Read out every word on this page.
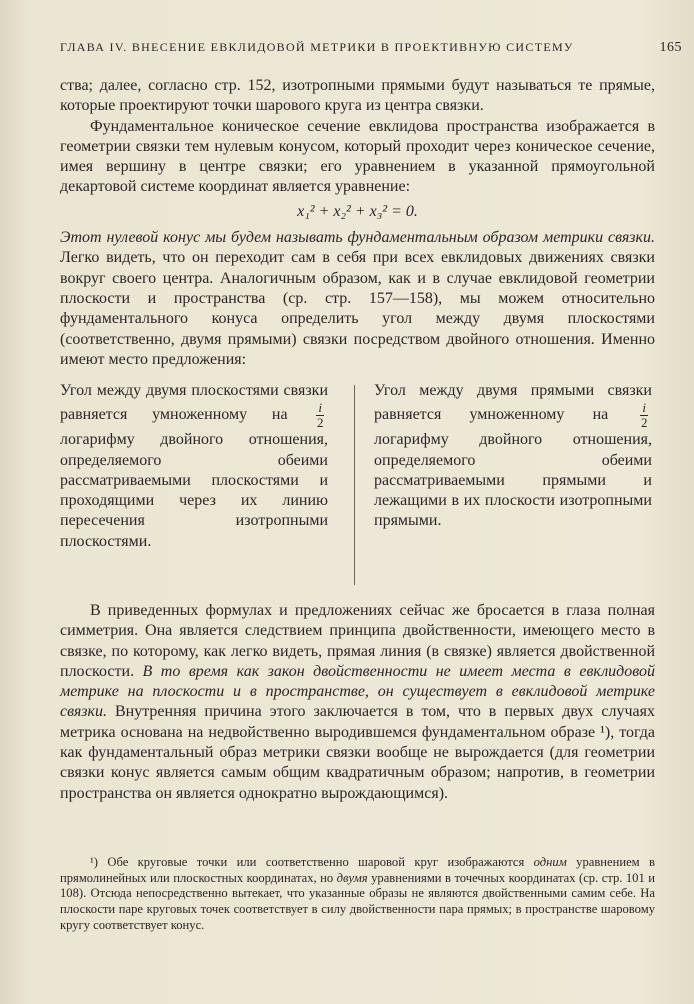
ГЛАВА IV. ВНЕСЕНИЕ ЕВКЛИДОВОЙ МЕТРИКИ В ПРОЕКТИВНУЮ СИСТЕМУ	165

ства; далее, согласно стр. 152, изотропными прямыми будут называться те прямые, которые проектируют точки шарового круга из центра связки.

Фундаментальное коническое сечение евклидова пространства изображается в геометрии связки тем нулевым конусом, который проходит через коническое сечение, имея вершину в центре связки; его уравнением в указанной прямоугольной декартовой системе координат является уравнение:

x₁² + x₂² + x₃² = 0.

Этот нулевой конус мы будем называть фундаментальным образом метрики связки. Легко видеть, что он переходит сам в себя при всех евклидовых движениях связки вокруг своего центра. Аналогичным образом, как и в случае евклидовой геометрии плоскости и пространства (ср. стр. 157—158), мы можем относительно фундаментального конуса определить угол между двумя плоскостями (соответственно, двумя прямыми) связки посредством двойного отношения. Именно имеют место предложения:

Угол между двумя плоскостями связки равняется умноженному на $\frac{i}{2}$
логарифму двойного отношения, определяемого обеими рассматриваемыми плоскостями и проходящими через их линию пересечения изотропными плоскостями.
Угол между двумя прямыми связки равняется умноженному на $\frac{i}{2}$
логарифму двойного отношения, определяемого обеими рассматриваемыми прямыми и лежащими в их плоскости изотропными прямыми.

В приведенных формулах и предложениях сейчас же бросается в глаза полная симметрия. Она является следствием принципа двойственности, имеющего место в связке, по которому, как легко видеть, прямая линия (в связке) является двойственной плоскости. В то время как закон двойственности не имеет места в евклидовой метрике на плоскости и в пространстве, он существует в евклидовой метрике связки. Внутренняя причина этого заключается в том, что в первых двух случаях метрика основана на недвойственно выродившемся фундаментальном образе ¹), тогда как фундаментальный образ метрики связки вообще не вырождается (для геометрии связки конус является самым общим квадратичным образом; напротив, в геометрии пространства он является однократно вырождающимся).

¹) Обе круговые точки или соответственно шаровой круг изображаются одним уравнением в прямолинейных или плоскостных координатах, но двумя уравнениями в точечных координатах (ср. стр. 101 и 108). Отсюда непосредственно вытекает, что указанные образы не являются двойственными самим себе. На плоскости паре круговых точек соответствует в силу двойственности пара прямых; в пространстве шаровому кругу соответствует конус.
